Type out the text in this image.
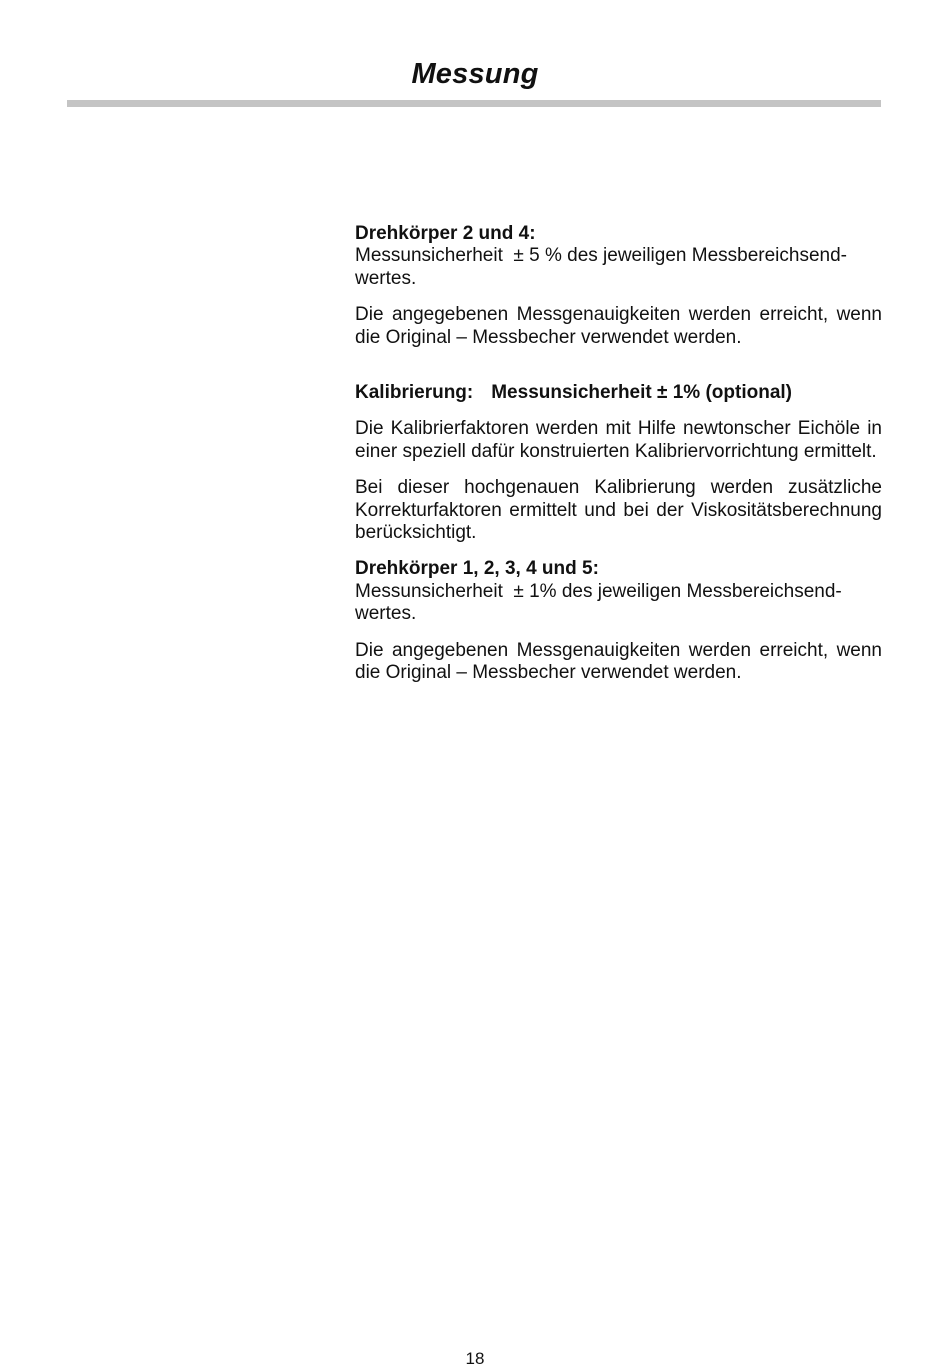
Messung
Drehkörper 2 und 4:
Messunsicherheit  ± 5 % des jeweiligen Messbereichsend-
wertes.
Die angegebenen Messgenauigkeiten werden erreicht, wenn die Original – Messbecher verwendet werden.
Kalibrierung: Messunsicherheit ± 1% (optional)
Die Kalibrierfaktoren werden mit Hilfe newtonscher Eichöle in einer speziell dafür konstruierten Kalibriervorrichtung ermittelt.
Bei dieser hochgenauen Kalibrierung werden zusätzliche Korrekturfaktoren ermittelt und bei der Viskositätsberechnung berücksichtigt.
Drehkörper 1, 2, 3, 4 und 5:
Messunsicherheit  ± 1% des jeweiligen Messbereichsend-
wertes.
Die angegebenen Messgenauigkeiten werden erreicht, wenn die Original – Messbecher verwendet werden.
18
